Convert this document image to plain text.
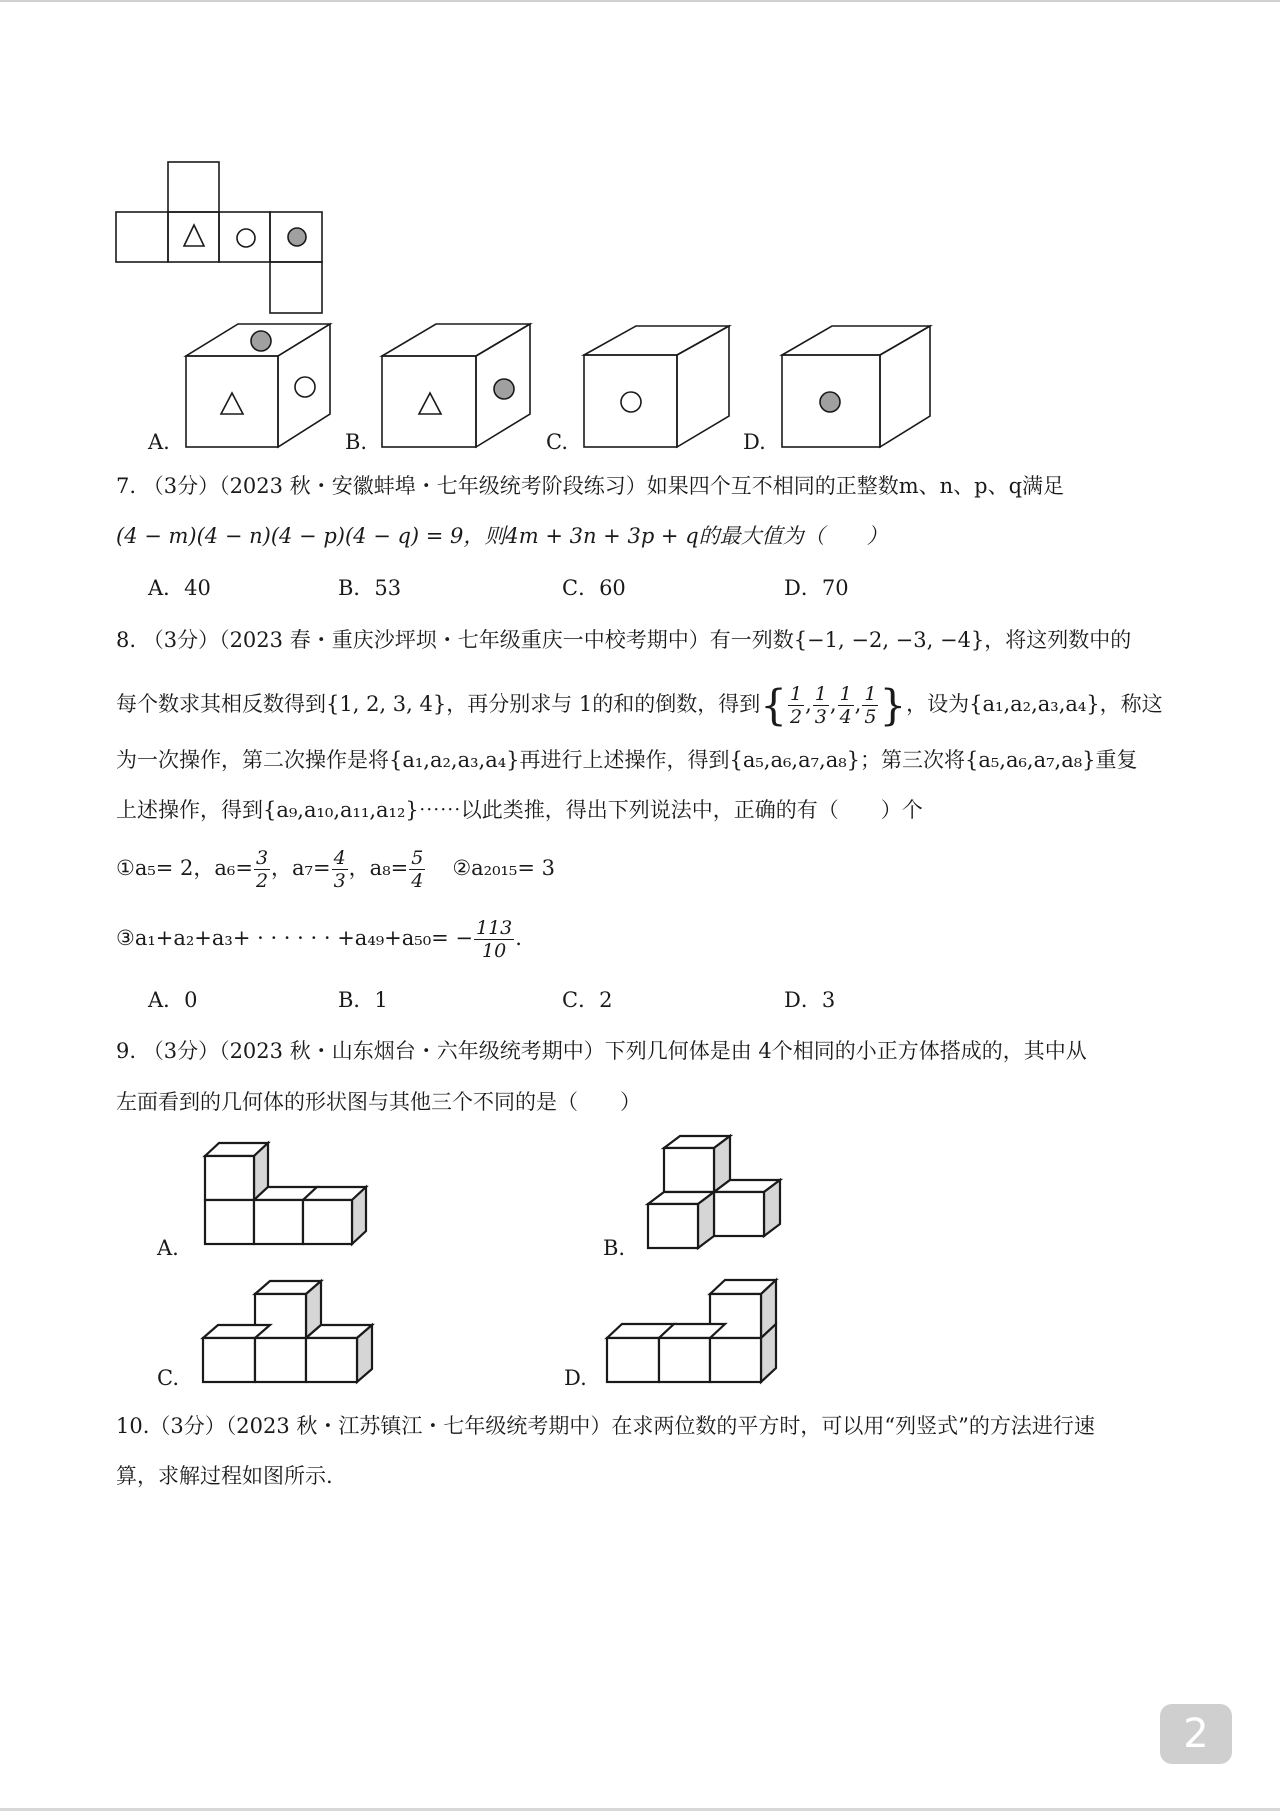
A.	B.	C.	D.
7. （3分）（2023 秋・安徽蚌埠・七年级统考阶段练习）如果四个互不相同的正整数m、n、p、q满足
(4 − m)(4 − n)(4 − p)(4 − q) = 9，则4m + 3n + 3p + q的最大值为（　　）
A．40	B．53	C．60	D．70
8. （3分）（2023 春・重庆沙坪坝・七年级重庆一中校考期中）有一列数{−1, −2, −3, −4}，将这列数中的
每个数求其相反数得到{1, 2, 3, 4}，再分别求与 1的和的倒数，得到{ $\frac{1}{2}$ , $\frac{1}{3}$ , $\frac{1}{4}$ , $\frac{1}{5}$ }，设为{a₁,a₂,a₃,a₄}，称这
为一次操作，第二次操作是将{a₁,a₂,a₃,a₄}再进行上述操作，得到{a₅,a₆,a₇,a₈}；第三次将{a₅,a₆,a₇,a₈}重复
上述操作，得到{a₉,a₁₀,a₁₁,a₁₂}⋯⋯以此类推，得出下列说法中，正确的有（　　）个
①a₅= 2，$a_6= \frac{3}{2}$ ，$a_7= \frac{4}{3}$ ，$a_8= \frac{5}{4}$ ②a₂₀₁₅= 3
③a₁+a₂+a₃+ · · · · · · $+a_{49}+a_{50}= - \frac{113}{10}$ .
A．0	B．1	C．2	D．3
9. （3分）（2023 秋・山东烟台・六年级统考期中）下列几何体是由 4个相同的小正方体搭成的，其中从
左面看到的几何体的形状图与其他三个不同的是（　　）
A.	B.
C.	D.
10.（3分）（2023 秋・江苏镇江・七年级统考期中）在求两位数的平方时，可以用“列竖式”的方法进行速
算，求解过程如图所示.
2
